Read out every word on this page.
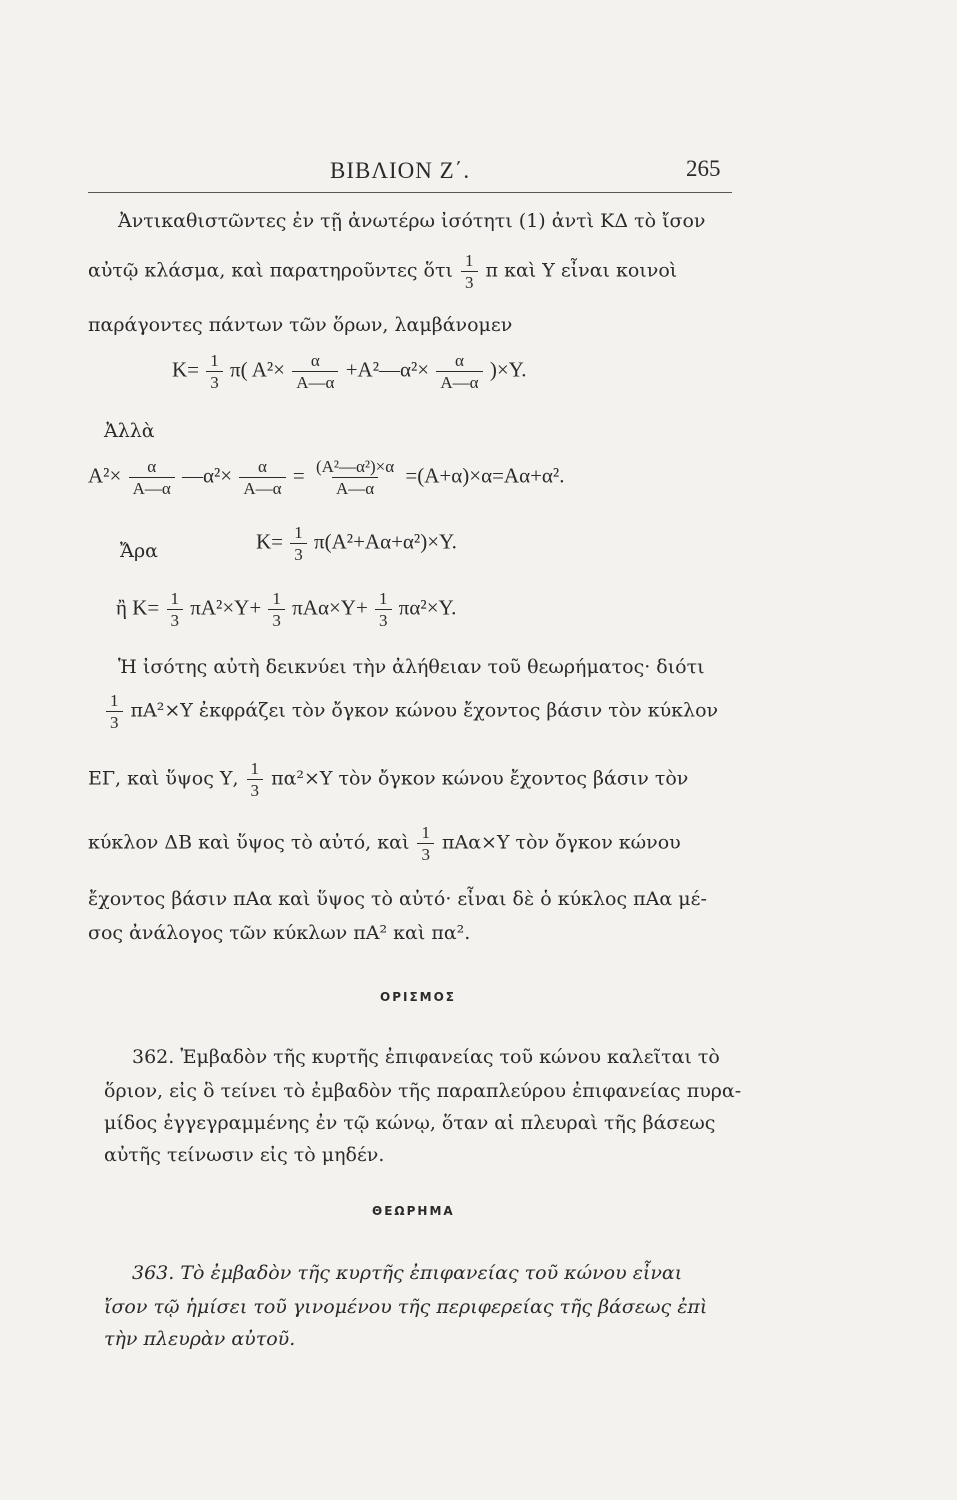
ΒΙΒΛΙΟΝ Ζ΄.	265
Ἀντικαθιστῶντες ἐν τῇ ἀνωτέρω ἰσότητι (1) ἀντὶ ΚΔ τὸ ἴσον
αὐτῷ κλάσμα, καὶ παρατηροῦντες ὅτι $\frac{1}{3}$ π καὶ Υ εἶναι κοινοὶ
παράγοντες πάντων τῶν ὅρων, λαμβάνομεν
$K= \frac{1}{3} \pi$( $A^2\times \frac{\alpha}{A—\alpha}$ +Α²—α²× $\frac{\alpha}{A—\alpha} )\times\Upsilon$.
Ἀλλὰ
$A^2\times \frac{\alpha}{A—\alpha}$ —α²× $\frac{\alpha}{A—\alpha} = \frac{\text{(Α²—α²)×α}}{A—\alpha} =(A+\alpha)\times\alpha=A\alpha+\alpha^2$.
Ἄρα	$K= \frac{1}{3} \pi(A^2+A\alpha+\alpha^2)\times\Upsilon$.
ἢ $K= \frac{1}{3} \pi A^2\times\Upsilon+ \frac{1}{3} \pi A\alpha\times\Upsilon+ \frac{1}{3} \pi\alpha^2\times\Upsilon$.
Ἡ ἰσότης αὐτὴ δεικνύει τὴν ἀλήθειαν τοῦ θεωρήματος· διότι
$\frac{1}{3} \pi A^2\times\Upsilon$ ἐκφράζει τὸν ὄγκον κώνου ἔχοντος βάσιν τὸν κύκλον
ΕΓ, καὶ ὕψος Υ, $\frac{1}{3} \pi\alpha^2\times\Upsilon$ τὸν ὄγκον κώνου ἔχοντος βάσιν τὸν
κύκλον ΔΒ καὶ ὕψος τὸ αὐτό, καὶ $\frac{1}{3} \pi A\alpha\times\Upsilon$ τὸν ὄγκον κώνου
ἔχοντος βάσιν πΑα καὶ ὕψος τὸ αὐτό· εἶναι δὲ ὁ κύκλος πΑα μέ-
σος ἀνάλογος τῶν κύκλων πΑ² καὶ πα².
ΟΡΙΣΜΟΣ
362. Ἐμβαδὸν τῆς κυρτῆς ἐπιφανείας τοῦ κώνου καλεῖται τὸ
ὅριον, εἰς ὃ τείνει τὸ ἐμβαδὸν τῆς παραπλεύρου ἐπιφανείας πυρα-
μίδος ἐγγεγραμμένης ἐν τῷ κώνῳ, ὅταν αἱ πλευραὶ τῆς βάσεως
αὐτῆς τείνωσιν εἰς τὸ μηδέν.
ΘΕΩΡΗΜΑ
363. Τὸ ἐμβαδὸν τῆς κυρτῆς ἐπιφανείας τοῦ κώνου εἶναι
ἴσον τῷ ἡμίσει τοῦ γινομένου τῆς περιφερείας τῆς βάσεως ἐπὶ
τὴν πλευρὰν αὐτοῦ.
